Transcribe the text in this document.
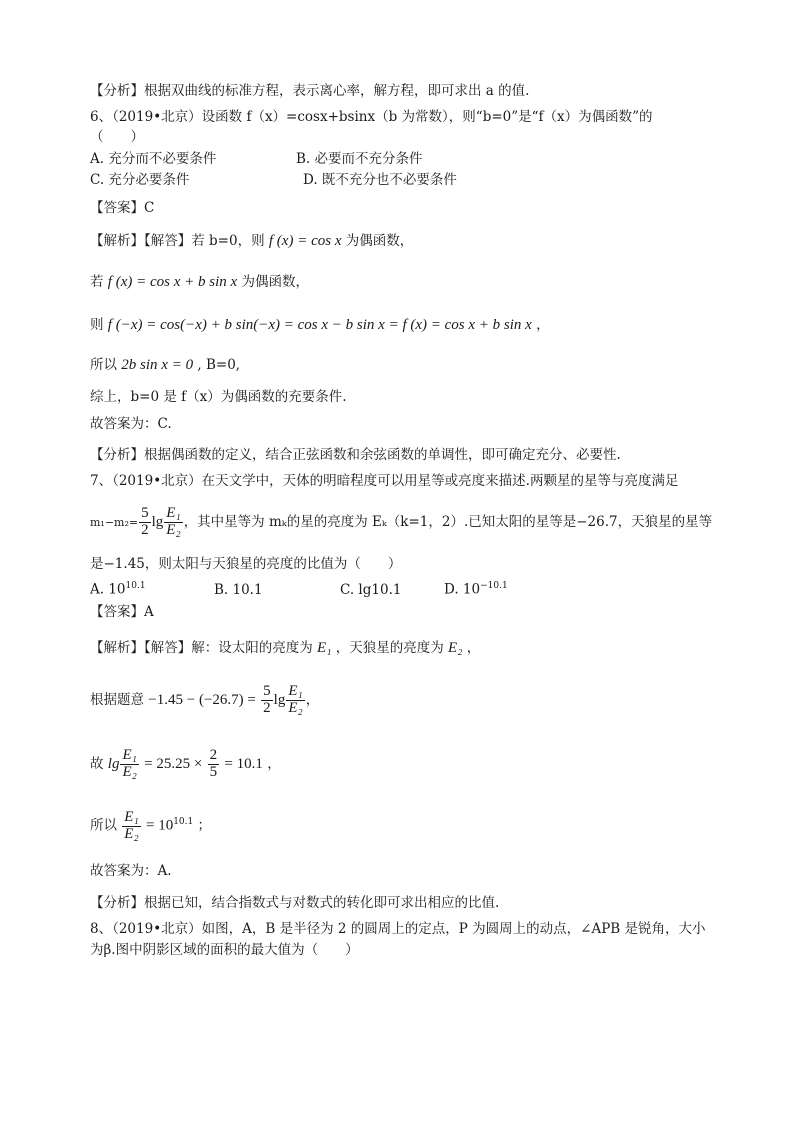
【分析】根据双曲线的标准方程，表示离心率，解方程，即可求出 a 的值.
6、（2019•北京）设函数 f（x）=cosx+bsinx（b 为常数），则“b=0”是“f（x）为偶函数”的
（　　）
A. 充分而不必要条件	B. 必要而不充分条件
C. 充分必要条件	D. 既不充分也不必要条件
【答案】C
【解析】【解答】若 b=0，则 f (x) = cos x 为偶函数，
若 f (x) = cos x + b sin x 为偶函数，
则 f (−x) = cos(−x) + b sin(−x) = cos x − b sin x = f (x) = cos x + b sin x ，
所以 2b sin x = 0 , B=0,
综上，b=0 是 f（x）为偶函数的充要条件.
故答案为：C.
【分析】根据偶函数的定义，结合正弦函数和余弦函数的单调性，即可确定充分、必要性.
7、（2019•北京）在天文学中，天体的明暗程度可以用星等或亮度来描述.两颗星的星等与亮度满足
$m_1-m_2= \frac{5}{2}$ $\lg \frac{\text{E₁}}{\text{E₂}}$ ，其中星等为 mₖ的星的亮度为 Eₖ（k=1，2）.已知太阳的星等是−26.7，天狼星的星等
是−1.45，则太阳与天狼星的亮度的比值为（　　）
A. $10^{10.1}$	B. 10.1	C. lg10.1	D. $10^{-10.1}$
【答案】A
【解析】【解答】解：设太阳的亮度为 E₁ ，天狼星的亮度为 E₂ ，
根据题意 $-1.45 - (-26.7) = \frac{5}{2}$ $\lg \frac{\text{E₁}}{\text{E₂}}$ ，
故 $\lg \frac{\text{E₁}}{\text{E₂}} = 25.25 \times \frac{2}{5} = 10.1$ ，
所以 $\frac{\text{E₁}}{\text{E₂}} = 10^{10.1}$ ；
故答案为：A.
【分析】根据已知，结合指数式与对数式的转化即可求出相应的比值.
8、（2019•北京）如图，A，B 是半径为 2 的圆周上的定点，P 为圆周上的动点，∠APB 是锐角，大小
为β.图中阴影区域的面积的最大值为（　　）
